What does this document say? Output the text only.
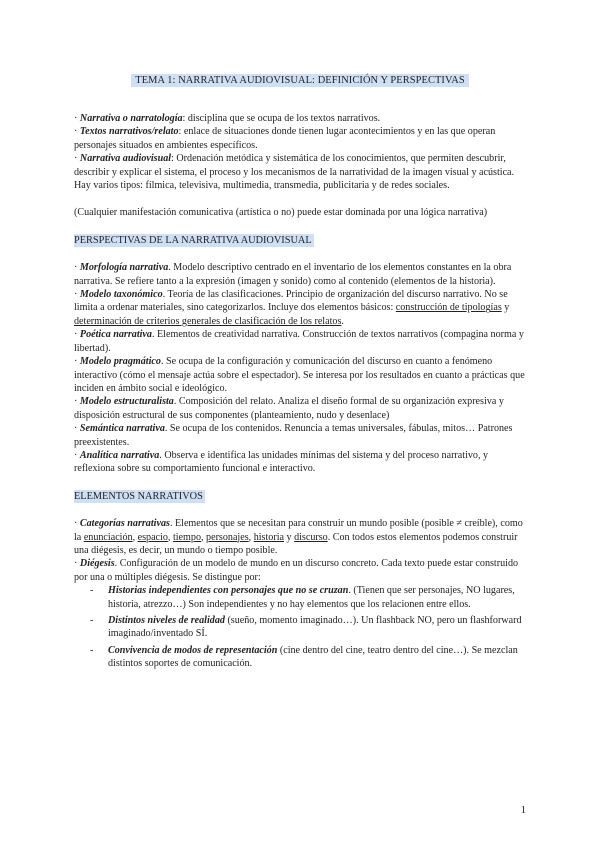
TEMA 1: NARRATIVA AUDIOVISUAL: DEFINICIÓN Y PERSPECTIVAS

· Narrativa o narratología: disciplina que se ocupa de los textos narrativos.

· Textos narrativos/relato: enlace de situaciones donde tienen lugar acontecimientos y en las que operan personajes situados en ambientes específicos.

· Narrativa audiovisual: Ordenación metódica y sistemática de los conocimientos, que permiten descubrir, describir y explicar el sistema, el proceso y los mecanismos de la narratividad de la imagen visual y acústica. Hay varios tipos: fílmica, televisiva, multimedia, transmedia, publicitaria y de redes sociales.

(Cualquier manifestación comunicativa (artística o no) puede estar dominada por una lógica narrativa)

PERSPECTIVAS DE LA NARRATIVA AUDIOVISUAL

· Morfología narrativa. Modelo descriptivo centrado en el inventario de los elementos constantes en la obra narrativa. Se refiere tanto a la expresión (imagen y sonido) como al contenido (elementos de la historia).

· Modelo taxonómico. Teoría de las clasificaciones. Principio de organización del discurso narrativo. No se limita a ordenar materiales, sino categorizarlos. Incluye dos elementos básicos: construcción de tipologías y determinación de criterios generales de clasificación de los relatos.

· Poética narrativa. Elementos de creatividad narrativa. Construcción de textos narrativos (compagina norma y libertad).

· Modelo pragmático. Se ocupa de la configuración y comunicación del discurso en cuanto a fenómeno interactivo (cómo el mensaje actúa sobre el espectador). Se interesa por los resultados en cuanto a prácticas que inciden en ámbito social e ideológico.

· Modelo estructuralista. Composición del relato. Analiza el diseño formal de su organización expresiva y disposición estructural de sus componentes (planteamiento, nudo y desenlace)

· Semántica narrativa. Se ocupa de los contenidos. Renuncia a temas universales, fábulas, mitos… Patrones preexistentes.

· Analítica narrativa. Observa e identifica las unidades mínimas del sistema y del proceso narrativo, y reflexiona sobre su comportamiento funcional e interactivo.

ELEMENTOS NARRATIVOS

· Categorías narrativas. Elementos que se necesitan para construir un mundo posible (posible ≠ creíble), como la enunciación, espacio, tiempo, personajes, historia y discurso. Con todos estos elementos podemos construir una diégesis, es decir, un mundo o tiempo posible.

· Diégesis. Configuración de un modelo de mundo en un discurso concreto. Cada texto puede estar construido por una o múltiples diégesis. Se distingue por:

- Historias independientes con personajes que no se cruzan. (Tienen que ser personajes, NO lugares, historia, atrezzo…) Son independientes y no hay elementos que los relacionen entre ellos.
- Distintos niveles de realidad (sueño, momento imaginado…). Un flashback NO, pero un flashforward imaginado/inventado SÍ.
- Convivencia de modos de representación (cine dentro del cine, teatro dentro del cine…). Se mezclan distintos soportes de comunicación.
1
